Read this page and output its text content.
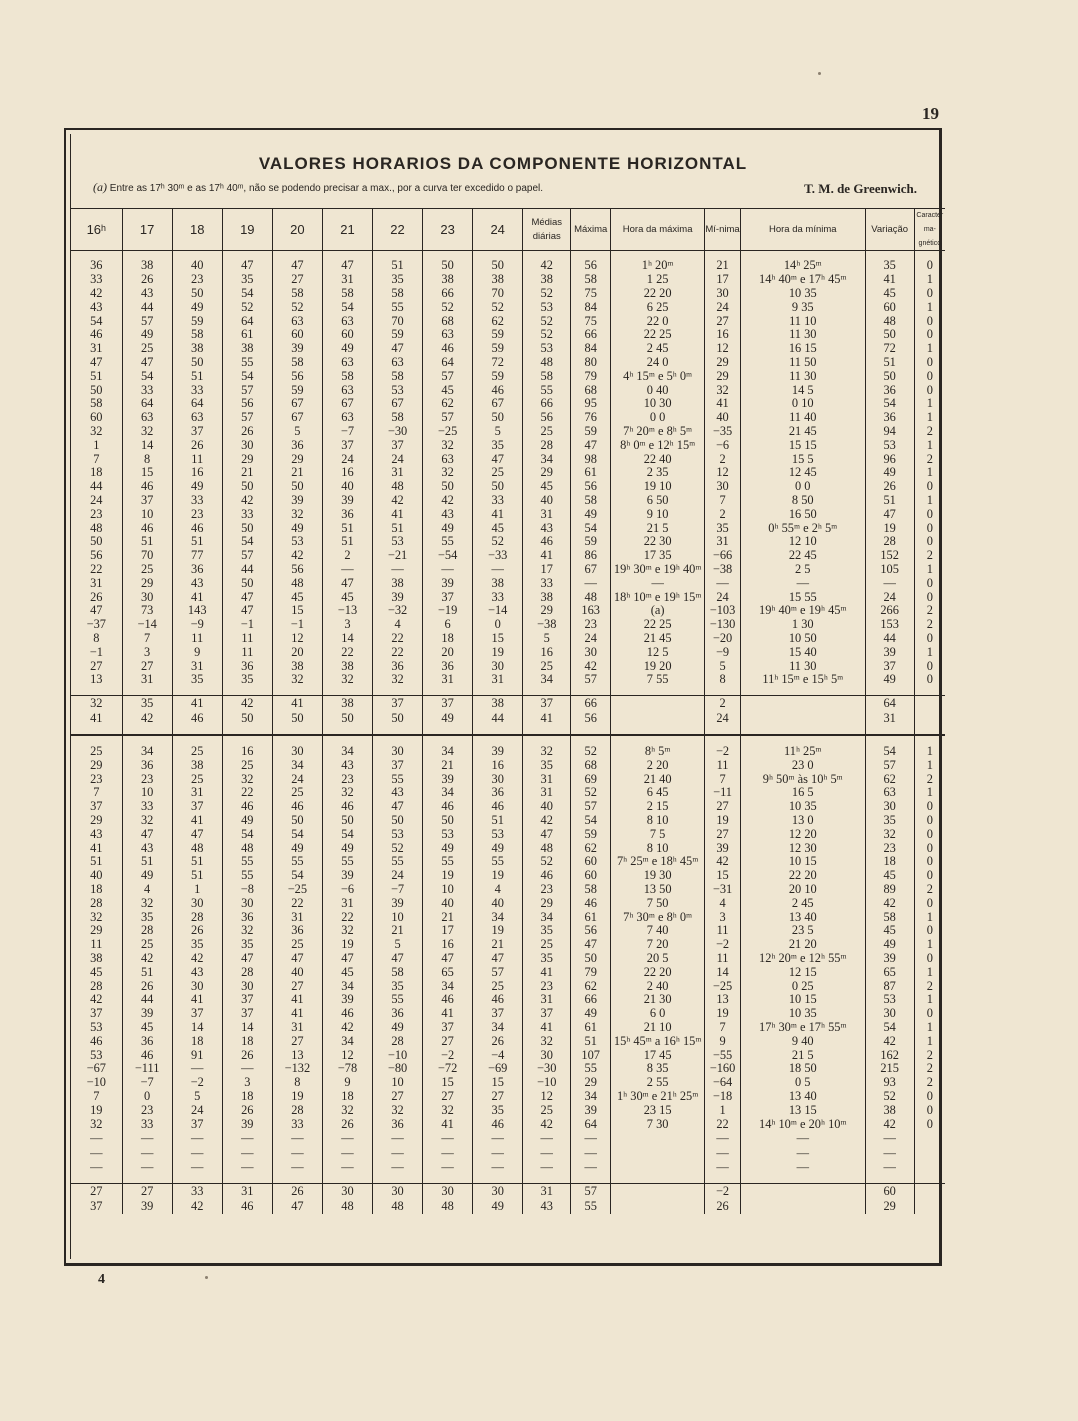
19
VALORES HORARIOS DA COMPONENTE HORIZONTAL
(a) Entre as 17ʰ 30ᵐ e as 17ʰ 40ᵐ, não se podendo precisar a max., por a curva ter excedido o papel.	T. M. de Greenwich.
16ʰ	17	18	19	20	21	22	23	24	Médias diárias	Máxima	Hora da máxima	Mí-nima	Hora da mínima	Variação	Caracter ma-gnético

36	38	40	47	47	47	51	50	50	42	56	1ʰ 20ᵐ	21	14ʰ 25ᵐ	35	0
33	26	23	35	27	31	35	38	38	38	58	1 25	17	14ʰ 40ᵐ e 17ʰ 45ᵐ	41	1
42	43	50	54	58	58	58	66	70	52	75	22 20	30	10 35	45	0
43	44	49	52	52	54	55	52	52	53	84	6 25	24	9 35	60	1
54	57	59	64	63	63	70	68	62	52	75	22 0	27	11 10	48	0
46	49	58	61	60	60	59	63	59	52	66	22 25	16	11 30	50	0
31	25	38	38	39	49	47	46	59	53	84	2 45	12	16 15	72	1
47	47	50	55	58	63	63	64	72	48	80	24 0	29	11 50	51	0
51	54	51	54	56	58	58	57	59	58	79	4ʰ 15ᵐ e 5ʰ 0ᵐ	29	11 30	50	0
50	33	33	57	59	63	53	45	46	55	68	0 40	32	14 5	36	0
58	64	64	56	67	67	67	62	67	66	95	10 30	41	0 10	54	1
60	63	63	57	67	63	58	57	50	56	76	0 0	40	11 40	36	1
32	32	37	26	5	−7	−30	−25	5	25	59	7ʰ 20ᵐ e 8ʰ 5ᵐ	−35	21 45	94	2
1	14	26	30	36	37	37	32	35	28	47	8ʰ 0ᵐ e 12ʰ 15ᵐ	−6	15 15	53	1
7	8	11	29	29	24	24	63	47	34	98	22 40	2	15 5	96	2
18	15	16	21	21	16	31	32	25	29	61	2 35	12	12 45	49	1
44	46	49	50	50	40	48	50	50	45	56	19 10	30	0 0	26	0
24	37	33	42	39	39	42	42	33	40	58	6 50	7	8 50	51	1
23	10	23	33	32	36	41	43	41	31	49	9 10	2	16 50	47	0
48	46	46	50	49	51	51	49	45	43	54	21 5	35	0ʰ 55ᵐ e 2ʰ 5ᵐ	19	0
50	51	51	54	53	51	53	55	52	46	59	22 30	31	12 10	28	0
56	70	77	57	42	2	−21	−54	−33	41	86	17 35	−66	22 45	152	2
22	25	36	44	56	—	—	—	—	17	67	19ʰ 30ᵐ e 19ʰ 40ᵐ	−38	2 5	105	1
31	29	43	50	48	47	38	39	38	33	—	—	—	—	—	0
26	30	41	47	45	45	39	37	33	38	48	18ʰ 10ᵐ e 19ʰ 15ᵐ	24	15 55	24	0
47	73	143	47	15	−13	−32	−19	−14	29	163	(a)	−103	19ʰ 40ᵐ e 19ʰ 45ᵐ	266	2
−37	−14	−9	−1	−1	3	4	6	0	−38	23	22 25	−130	1 30	153	2
8	7	11	11	12	14	22	18	15	5	24	21 45	−20	10 50	44	0
−1	3	9	11	20	22	22	20	19	16	30	12 5	−9	15 40	39	1
27	27	31	36	38	38	36	36	30	25	42	19 20	5	11 30	37	0
13	31	35	35	32	32	32	31	31	34	57	7 55	8	11ʰ 15ᵐ e 15ʰ 5ᵐ	49	0

32	35	41	42	41	38	37	37	38	37	66		2		64	
41	42	46	50	50	50	50	49	44	41	56		24		31	

25	34	25	16	30	34	30	34	39	32	52	8ʰ 5ᵐ	−2	11ʰ 25ᵐ	54	1
29	36	38	25	34	43	37	21	16	35	68	2 20	11	23 0	57	1
23	23	25	32	24	23	55	39	30	31	69	21 40	7	9ʰ 50ᵐ às 10ʰ 5ᵐ	62	2
7	10	31	22	25	32	43	34	36	31	52	6 45	−11	16 5	63	1
37	33	37	46	46	46	47	46	46	40	57	2 15	27	10 35	30	0
29	32	41	49	50	50	50	50	51	42	54	8 10	19	13 0	35	0
43	47	47	54	54	54	53	53	53	47	59	7 5	27	12 20	32	0
41	43	48	48	49	49	52	49	49	48	62	8 10	39	12 30	23	0
51	51	51	55	55	55	55	55	55	52	60	7ʰ 25ᵐ e 18ʰ 45ᵐ	42	10 15	18	0
40	49	51	55	54	39	24	19	19	46	60	19 30	15	22 20	45	0
18	4	1	−8	−25	−6	−7	10	4	23	58	13 50	−31	20 10	89	2
28	32	30	30	22	31	39	40	40	29	46	7 50	4	2 45	42	0
32	35	28	36	31	22	10	21	34	34	61	7ʰ 30ᵐ e 8ʰ 0ᵐ	3	13 40	58	1
29	28	26	32	36	32	21	17	19	35	56	7 40	11	23 5	45	0
11	25	35	35	25	19	5	16	21	25	47	7 20	−2	21 20	49	1
38	42	42	47	47	47	47	47	47	35	50	20 5	11	12ʰ 20ᵐ e 12ʰ 55ᵐ	39	0
45	51	43	28	40	45	58	65	57	41	79	22 20	14	12 15	65	1
28	26	30	30	27	34	35	34	25	23	62	2 40	−25	0 25	87	2
42	44	41	37	41	39	55	46	46	31	66	21 30	13	10 15	53	1
37	39	37	37	41	46	36	41	37	37	49	6 0	19	10 35	30	0
53	45	14	14	31	42	49	37	34	41	61	21 10	7	17ʰ 30ᵐ e 17ʰ 55ᵐ	54	1
46	36	18	18	27	34	28	27	26	32	51	15ʰ 45ᵐ a 16ʰ 15ᵐ	9	9 40	42	1
53	46	91	26	13	12	−10	−2	−4	30	107	17 45	−55	21 5	162	2
−67	−111	—	—	−132	−78	−80	−72	−69	−30	55	8 35	−160	18 50	215	2
−10	−7	−2	3	8	9	10	15	15	−10	29	2 55	−64	0 5	93	2
7	0	5	18	19	18	27	27	27	12	34	1ʰ 30ᵐ e 21ʰ 25ᵐ	−18	13 40	52	0
19	23	24	26	28	32	32	32	35	25	39	23 15	1	13 15	38	0
32	33	37	39	33	26	36	41	46	42	64	7 30	22	14ʰ 10ᵐ e 20ʰ 10ᵐ	42	0
—	—	—	—	—	—	—	—	—	—	—		—	—	—	
—	—	—	—	—	—	—	—	—	—	—		—	—	—	
—	—	—	—	—	—	—	—	—	—	—		—	—	—	

27	27	33	31	26	30	30	30	30	31	57		−2		60	
37	39	42	46	47	48	48	48	49	43	55		26		29	
4
